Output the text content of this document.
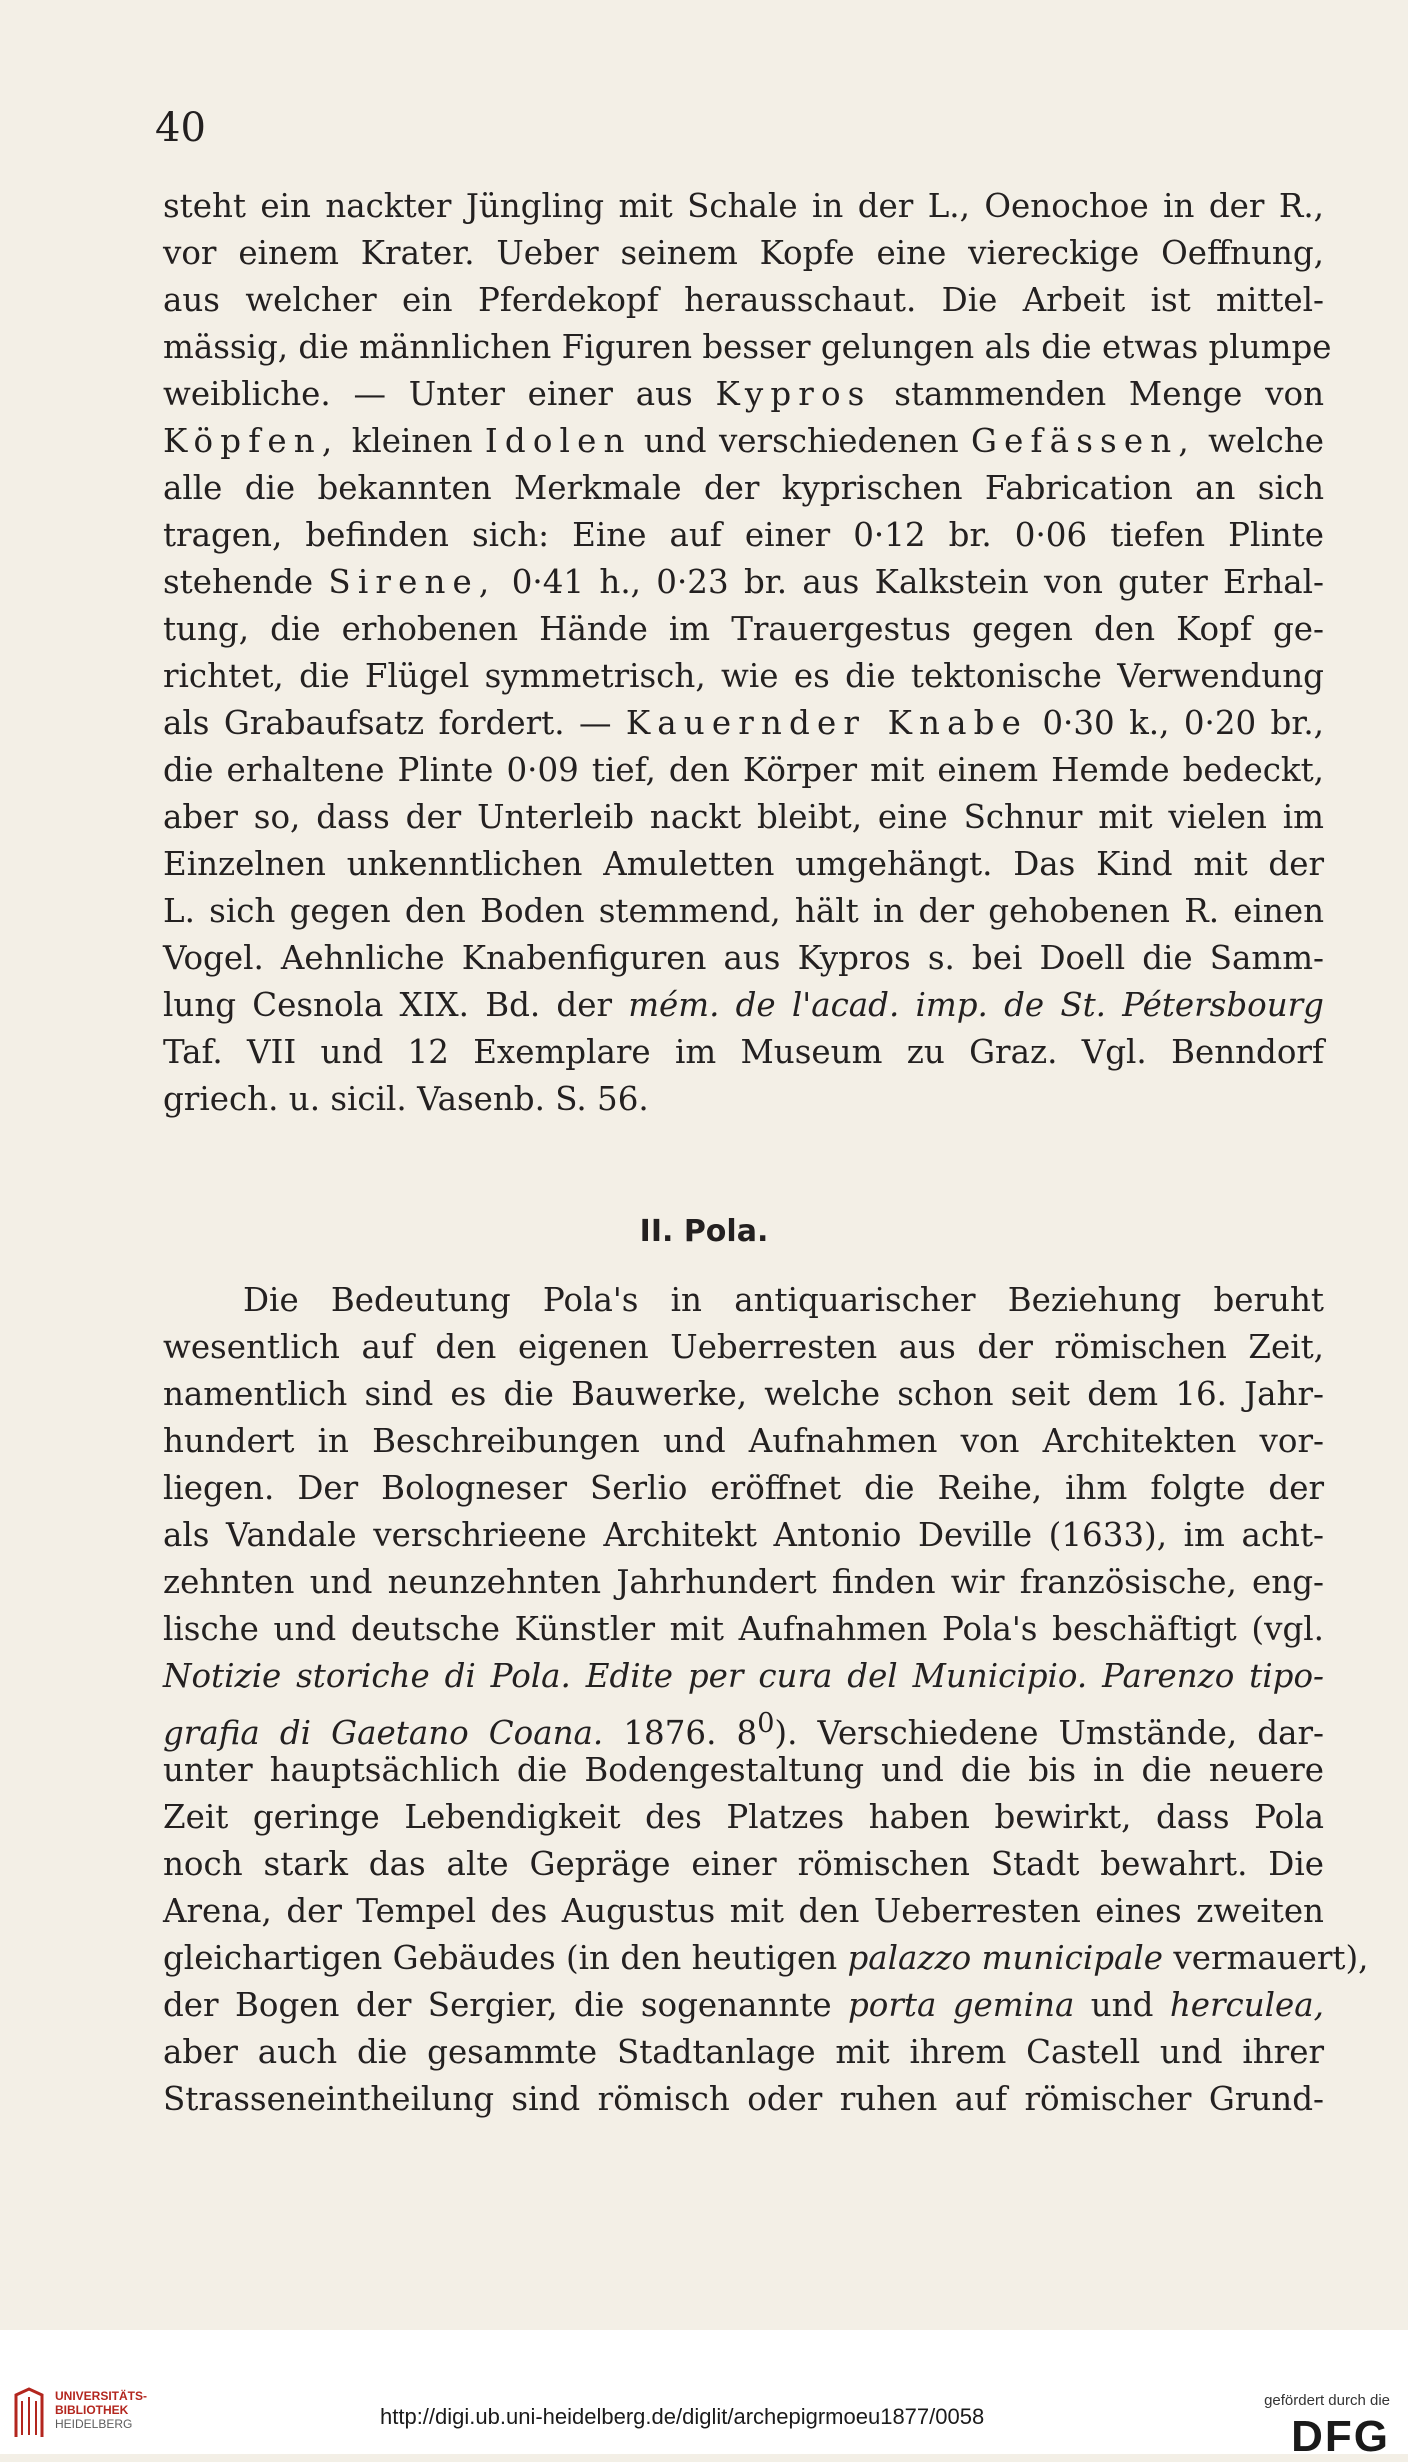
40
steht ein nackter Jüngling mit Schale in der L., Oenochoe in der R.,
vor einem Krater. Ueber seinem Kopfe eine viereckige Oeffnung,
aus welcher ein Pferdekopf herausschaut. Die Arbeit ist mittel-
mässig, die männlichen Figuren besser gelungen als die etwas plumpe
weibliche. — Unter einer aus Kypros stammenden Menge von
Köpfen, kleinen Idolen und verschiedenen Gefässen, welche
alle die bekannten Merkmale der kyprischen Fabrication an sich
tragen, befinden sich: Eine auf einer 0·12 br. 0·06 tiefen Plinte
stehende Sirene, 0·41 h., 0·23 br. aus Kalkstein von guter Erhal-
tung, die erhobenen Hände im Trauergestus gegen den Kopf ge-
richtet, die Flügel symmetrisch, wie es die tektonische Verwendung
als Grabaufsatz fordert. — Kauernder Knabe 0·30 k., 0·20 br.,
die erhaltene Plinte 0·09 tief, den Körper mit einem Hemde bedeckt,
aber so, dass der Unterleib nackt bleibt, eine Schnur mit vielen im
Einzelnen unkenntlichen Amuletten umgehängt. Das Kind mit der
L. sich gegen den Boden stemmend, hält in der gehobenen R. einen
Vogel. Aehnliche Knabenfiguren aus Kypros s. bei Doell die Samm-
lung Cesnola XIX. Bd. der mém. de l'acad. imp. de St. Pétersbourg
Taf. VII und 12 Exemplare im Museum zu Graz. Vgl. Benndorf
griech. u. sicil. Vasenb. S. 56.
II. Pola.
Die Bedeutung Pola's in antiquarischer Beziehung beruht
wesentlich auf den eigenen Ueberresten aus der römischen Zeit,
namentlich sind es die Bauwerke, welche schon seit dem 16. Jahr-
hundert in Beschreibungen und Aufnahmen von Architekten vor-
liegen. Der Bologneser Serlio eröffnet die Reihe, ihm folgte der
als Vandale verschrieene Architekt Antonio Deville (1633), im acht-
zehnten und neunzehnten Jahrhundert finden wir französische, eng-
lische und deutsche Künstler mit Aufnahmen Pola's beschäftigt (vgl.
Notizie storiche di Pola. Edite per cura del Municipio. Parenzo tipo-
grafia di Gaetano Coana. 1876. $8^0$). Verschiedene Umstände, dar-
unter hauptsächlich die Bodengestaltung und die bis in die neuere
Zeit geringe Lebendigkeit des Platzes haben bewirkt, dass Pola
noch stark das alte Gepräge einer römischen Stadt bewahrt. Die
Arena, der Tempel des Augustus mit den Ueberresten eines zweiten
gleichartigen Gebäudes (in den heutigen palazzo municipale vermauert),
der Bogen der Sergier, die sogenannte porta gemina und herculea,
aber auch die gesammte Stadtanlage mit ihrem Castell und ihrer
Strasseneintheilung sind römisch oder ruhen auf römischer Grund-
UNIVERSITÄTS-
BIBLIOTHEK
HEIDELBERG	http://digi.ub.uni-heidelberg.de/diglit/archepigrmoeu1877/0058
gefördert durch die
DFG
